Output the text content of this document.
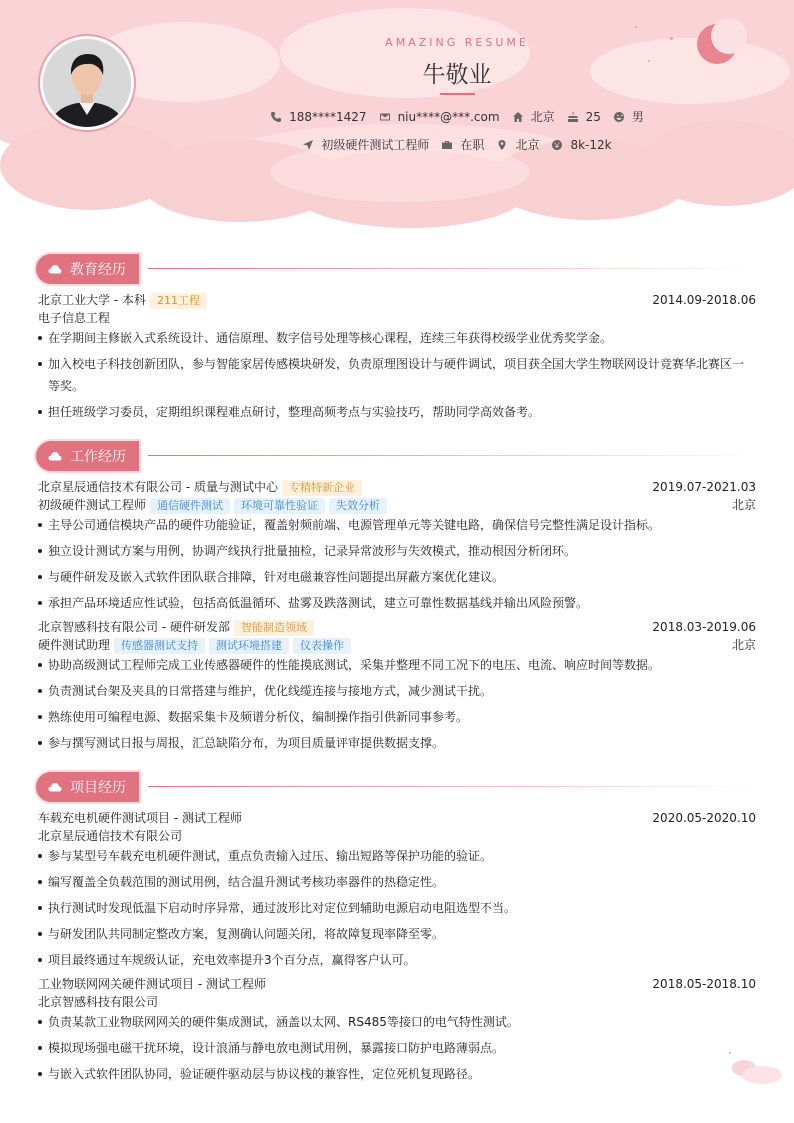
AMAZING RESUME
牛敬业
188****1427	niu****@***.com	北京	25	男
初级硬件测试工程师	在职	北京	8k-12k
教育经历
北京工业大学 - 本科 211工程	2014.09-2018.06
电子信息工程
在学期间主修嵌入式系统设计、通信原理、数字信号处理等核心课程，连续三年获得校级学业优秀奖学金。
加入校电子科技创新团队，参与智能家居传感模块研发，负责原理图设计与硬件调试，项目获全国大学生物联网设计竞赛华北赛区一
等奖。
担任班级学习委员，定期组织课程难点研讨，整理高频考点与实验技巧，帮助同学高效备考。
工作经历
北京星辰通信技术有限公司 - 质量与测试中心 专精特新企业	2019.07-2021.03
初级硬件测试工程师 通信硬件测试 环境可靠性验证 失效分析	北京
主导公司通信模块产品的硬件功能验证，覆盖射频前端、电源管理单元等关键电路，确保信号完整性满足设计指标。
独立设计测试方案与用例，协调产线执行批量抽检，记录异常波形与失效模式，推动根因分析闭环。
与硬件研发及嵌入式软件团队联合排障，针对电磁兼容性问题提出屏蔽方案优化建议。
承担产品环境适应性试验，包括高低温循环、盐雾及跌落测试，建立可靠性数据基线并输出风险预警。
北京智感科技有限公司 - 硬件研发部 智能制造领域	2018.03-2019.06
硬件测试助理 传感器测试支持 测试环境搭建 仪表操作	北京
协助高级测试工程师完成工业传感器硬件的性能摸底测试，采集并整理不同工况下的电压、电流、响应时间等数据。
负责测试台架及夹具的日常搭建与维护，优化线缆连接与接地方式，减少测试干扰。
熟练使用可编程电源、数据采集卡及频谱分析仪，编制操作指引供新同事参考。
参与撰写测试日报与周报，汇总缺陷分布，为项目质量评审提供数据支撑。
项目经历
车载充电机硬件测试项目 - 测试工程师	2020.05-2020.10
北京星辰通信技术有限公司
参与某型号车载充电机硬件测试，重点负责输入过压、输出短路等保护功能的验证。
编写覆盖全负载范围的测试用例，结合温升测试考核功率器件的热稳定性。
执行测试时发现低温下启动时序异常，通过波形比对定位到辅助电源启动电阻选型不当。
与研发团队共同制定整改方案，复测确认问题关闭，将故障复现率降至零。
项目最终通过车规级认证，充电效率提升3个百分点，赢得客户认可。
工业物联网网关硬件测试项目 - 测试工程师	2018.05-2018.10
北京智感科技有限公司
负责某款工业物联网网关的硬件集成测试，涵盖以太网、RS485等接口的电气特性测试。
模拟现场强电磁干扰环境，设计浪涌与静电放电测试用例，暴露接口防护电路薄弱点。
与嵌入式软件团队协同，验证硬件驱动层与协议栈的兼容性，定位死机复现路径。
